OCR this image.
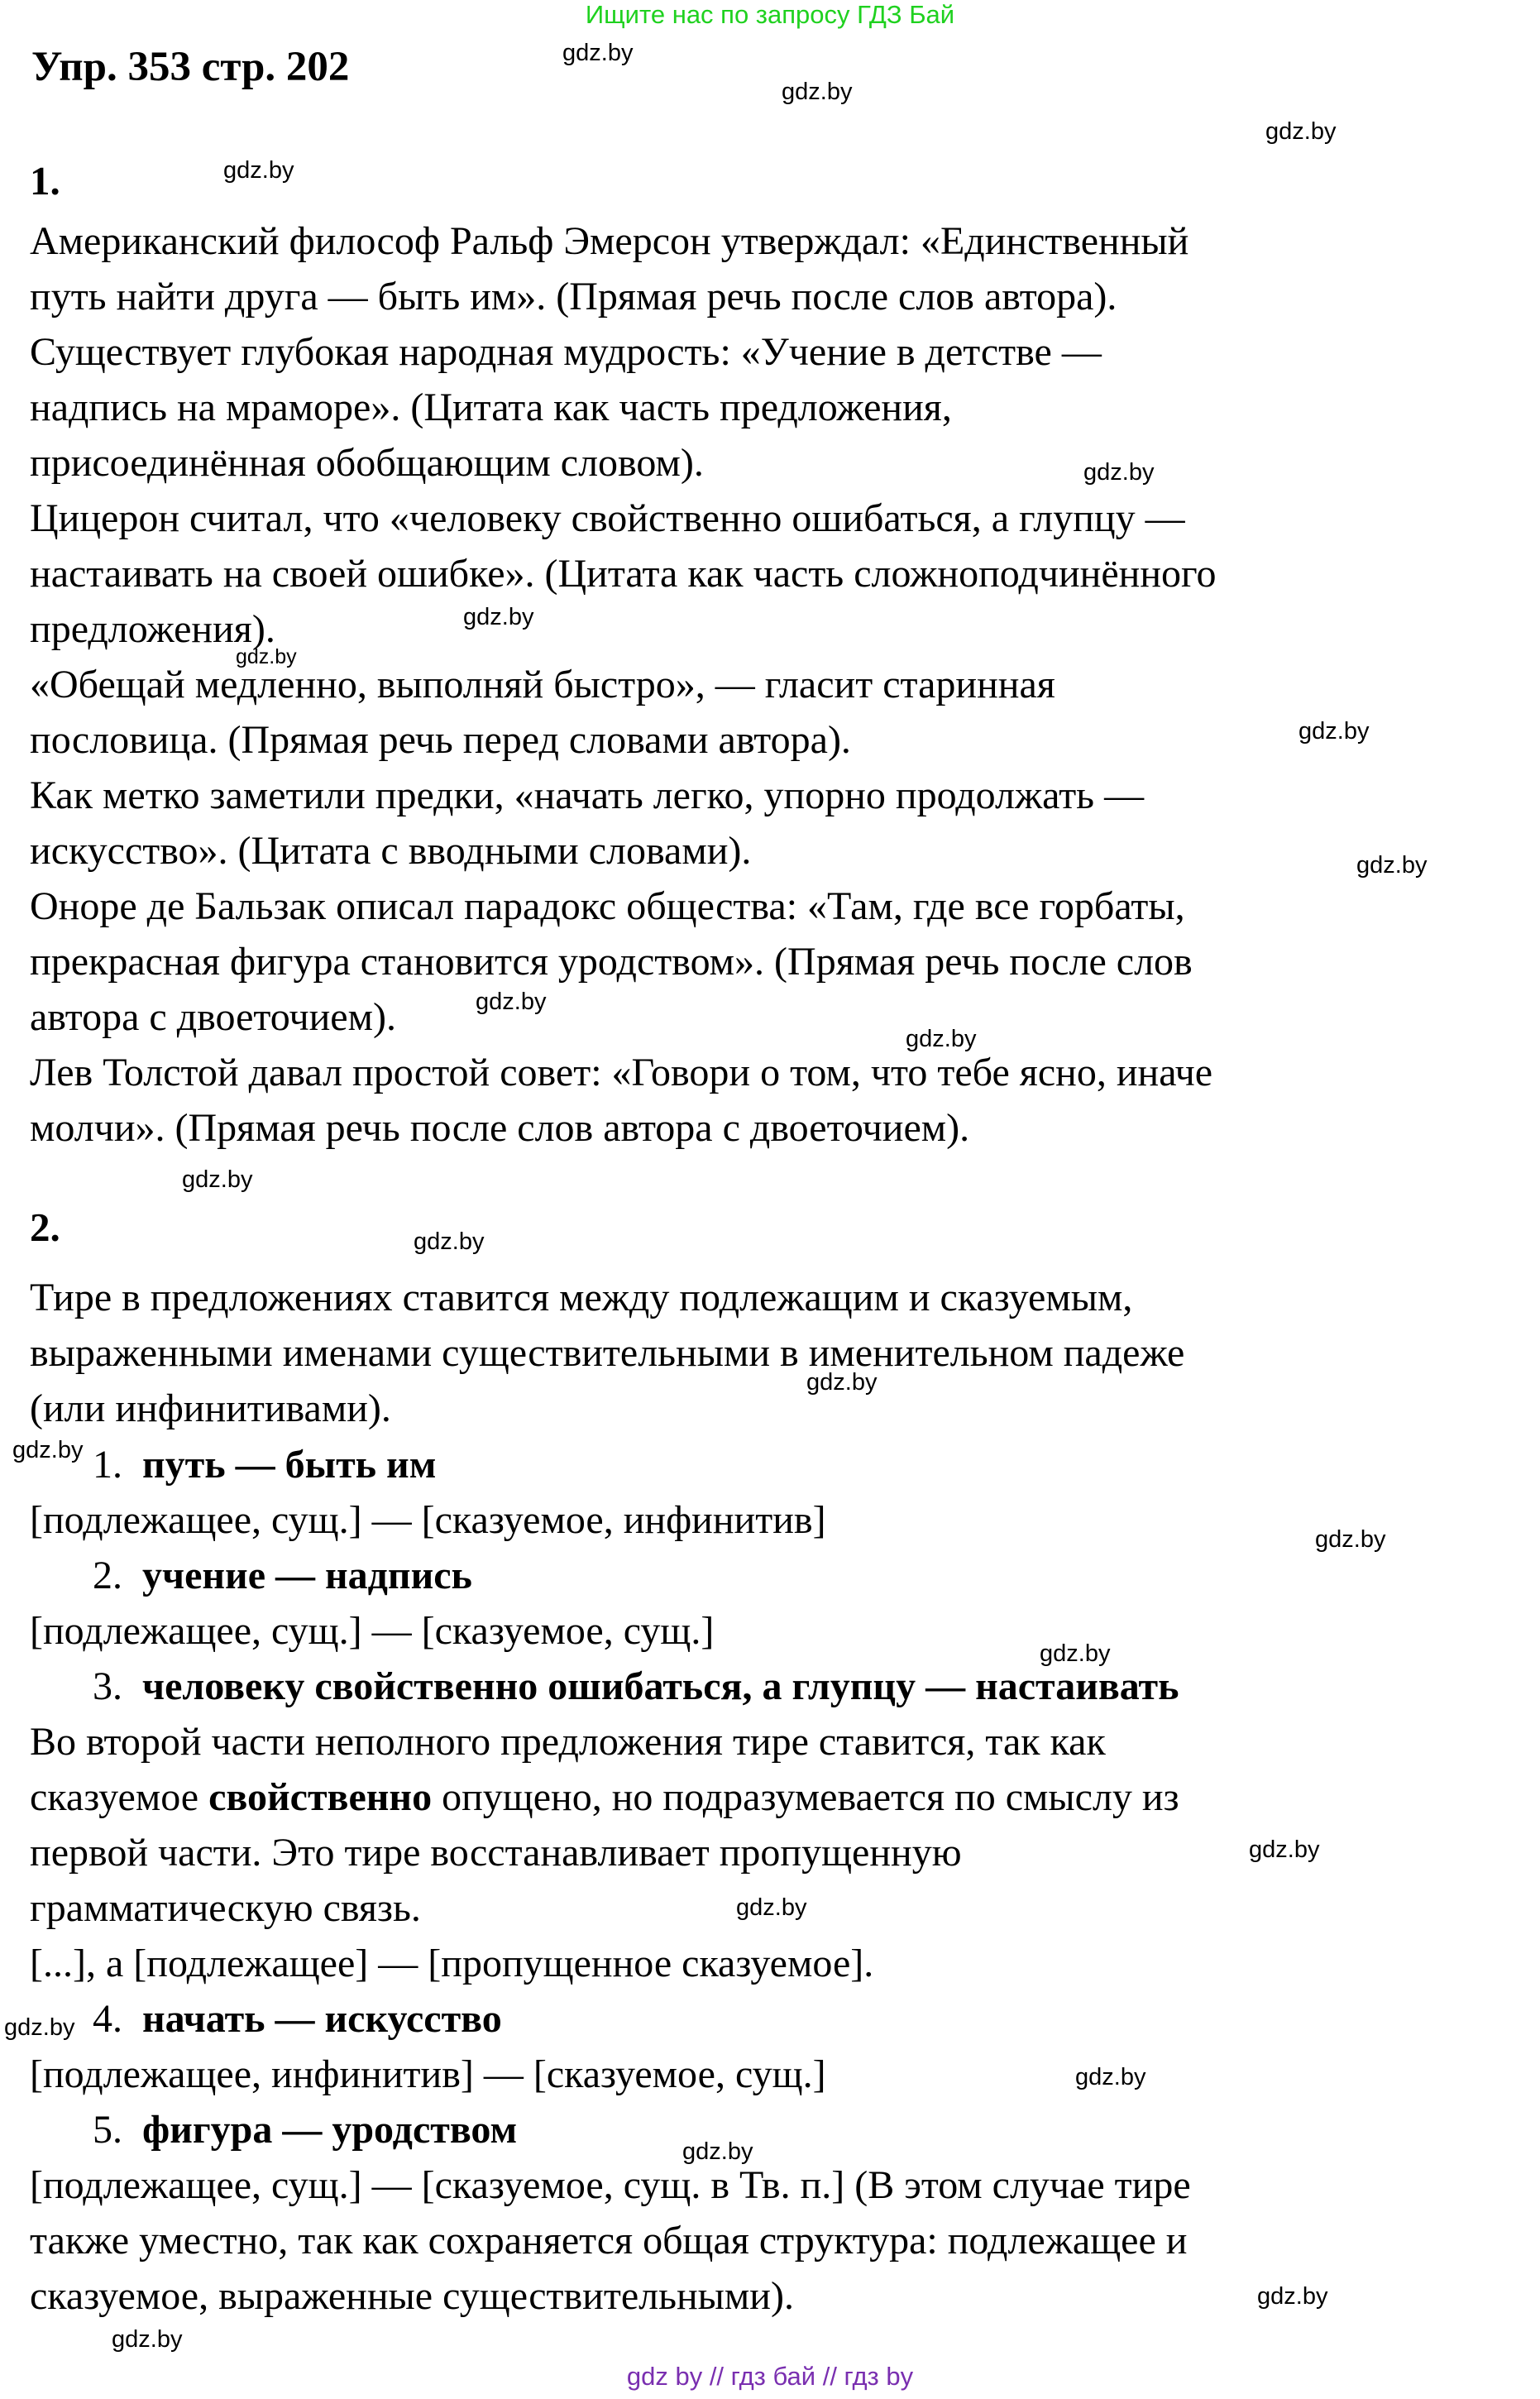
Ищите нас по запросу ГДЗ Бай
Упр. 353 стр. 202
1.
Американский философ Ральф Эмерсон утверждал: «Единственный
путь найти друга — быть им». (Прямая речь после слов автора).
Существует глубокая народная мудрость: «Учение в детстве —
надпись на мраморе». (Цитата как часть предложения,
присоединённая обобщающим словом).
Цицерон считал, что «человеку свойственно ошибаться, а глупцу —
настаивать на своей ошибке». (Цитата как часть сложноподчинённого
предложения).
«Обещай медленно, выполняй быстро», — гласит старинная
пословица. (Прямая речь перед словами автора).
Как метко заметили предки, «начать легко, упорно продолжать —
искусство». (Цитата с вводными словами).
Оноре де Бальзак описал парадокс общества: «Там, где все горбаты,
прекрасная фигура становится уродством». (Прямая речь после слов
автора с двоеточием).
Лев Толстой давал простой совет: «Говори о том, что тебе ясно, иначе
молчи». (Прямая речь после слов автора с двоеточием).
2.
Тире в предложениях ставится между подлежащим и сказуемым,
выраженными именами существительными в именительном падеже
(или инфинитивами).
1. путь — быть им
[подлежащее, сущ.] — [сказуемое, инфинитив]
2. учение — надпись
[подлежащее, сущ.] — [сказуемое, сущ.]
3. человеку свойственно ошибаться, а глупцу — настаивать
Во второй части неполного предложения тире ставится, так как
сказуемое свойственно опущено, но подразумевается по смыслу из
первой части. Это тире восстанавливает пропущенную
грамматическую связь.
[...], а [подлежащее] — [пропущенное сказуемое].
4. начать — искусство
[подлежащее, инфинитив] — [сказуемое, сущ.]
5. фигура — уродством
[подлежащее, сущ.] — [сказуемое, сущ. в Тв. п.] (В этом случае тире
также уместно, так как сохраняется общая структура: подлежащее и
сказуемое, выраженные существительными).
gdz.by
gdz.by
gdz.by
gdz.by
gdz.by
gdz.by
gdz.by
gdz.by
gdz.by
gdz.by
gdz.by
gdz.by
gdz.by
gdz.by
gdz.by
gdz.by
gdz.by
gdz.by
gdz.by
gdz.by
gdz.by
gdz.by
gdz.by
gdz.by
gdz by // гдз бай // гдз by
